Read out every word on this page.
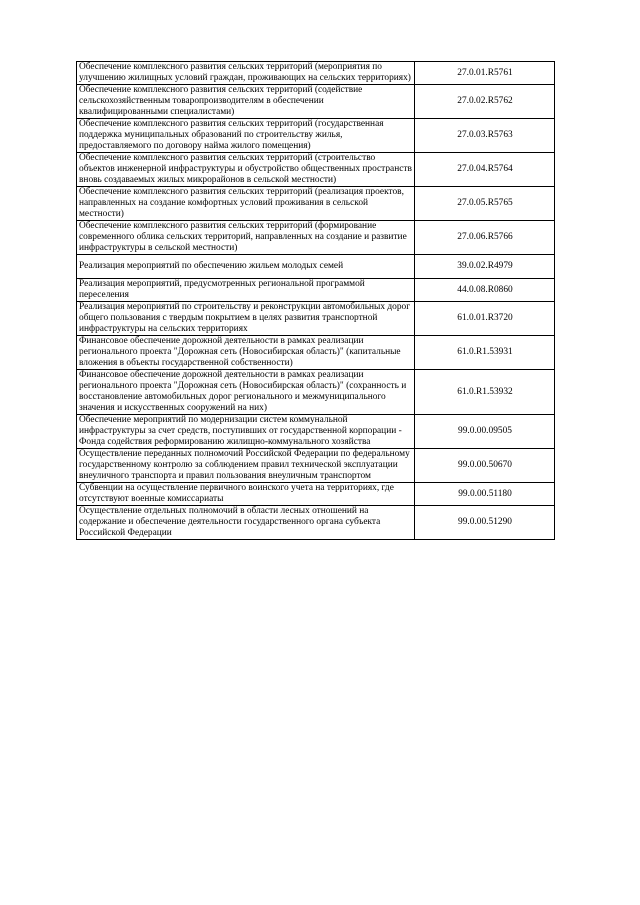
Обеспечение комплексного развития сельских территорий (мероприятия по улучшению жилищных условий граждан, проживающих на сельских территориях)	27.0.01.R5761
Обеспечение комплексного развития сельских территорий (содействие сельскохозяйственным товаропроизводителям в обеспечении квалифицированными специалистами)	27.0.02.R5762
Обеспечение комплексного развития сельских территорий (государственная поддержка муниципальных образований по строительству жилья, предоставляемого по договору найма жилого помещения)	27.0.03.R5763
Обеспечение комплексного развития сельских территорий (строительство объектов инженерной инфраструктуры и обустройство общественных пространств вновь создаваемых жилых микрорайонов в сельской местности)	27.0.04.R5764
Обеспечение комплексного развития сельских территорий (реализация проектов, направленных на создание комфортных условий проживания в сельской местности)	27.0.05.R5765
Обеспечение комплексного развития сельских территорий (формирование современного облика сельских территорий, направленных на создание и развитие инфраструктуры в сельской местности)	27.0.06.R5766
Реализация мероприятий по обеспечению жильем молодых семей	39.0.02.R4979
Реализация мероприятий, предусмотренных региональной программой переселения	44.0.08.R0860
Реализация мероприятий по строительству и реконструкции автомобильных дорог общего пользования с твердым покрытием в целях развития транспортной инфраструктуры на сельских территориях	61.0.01.R3720
Финансовое обеспечение дорожной деятельности в рамках реализации регионального проекта "Дорожная сеть (Новосибирская область)" (капитальные вложения в объекты государственной собственности)	61.0.R1.53931
Финансовое обеспечение дорожной деятельности в рамках реализации регионального проекта "Дорожная сеть (Новосибирская область)" (сохранность и восстановление автомобильных дорог регионального и межмуниципального значения и искусственных сооружений на них)	61.0.R1.53932
Обеспечение мероприятий по модернизации систем коммунальной инфраструктуры за счет средств, поступивших от государственной корпорации - Фонда содействия реформированию жилищно-коммунального хозяйства	99.0.00.09505
Осуществление переданных полномочий Российской Федерации по федеральному государственному контролю за соблюдением правил технической эксплуатации внеуличного транспорта и правил пользования внеуличным транспортом	99.0.00.50670
Субвенции на осуществление первичного воинского учета на территориях, где отсутствуют военные комиссариаты	99.0.00.51180
Осуществление отдельных полномочий в области лесных отношений на содержание и обеспечение деятельности государственного органа субъекта Российской Федерации	99.0.00.51290
